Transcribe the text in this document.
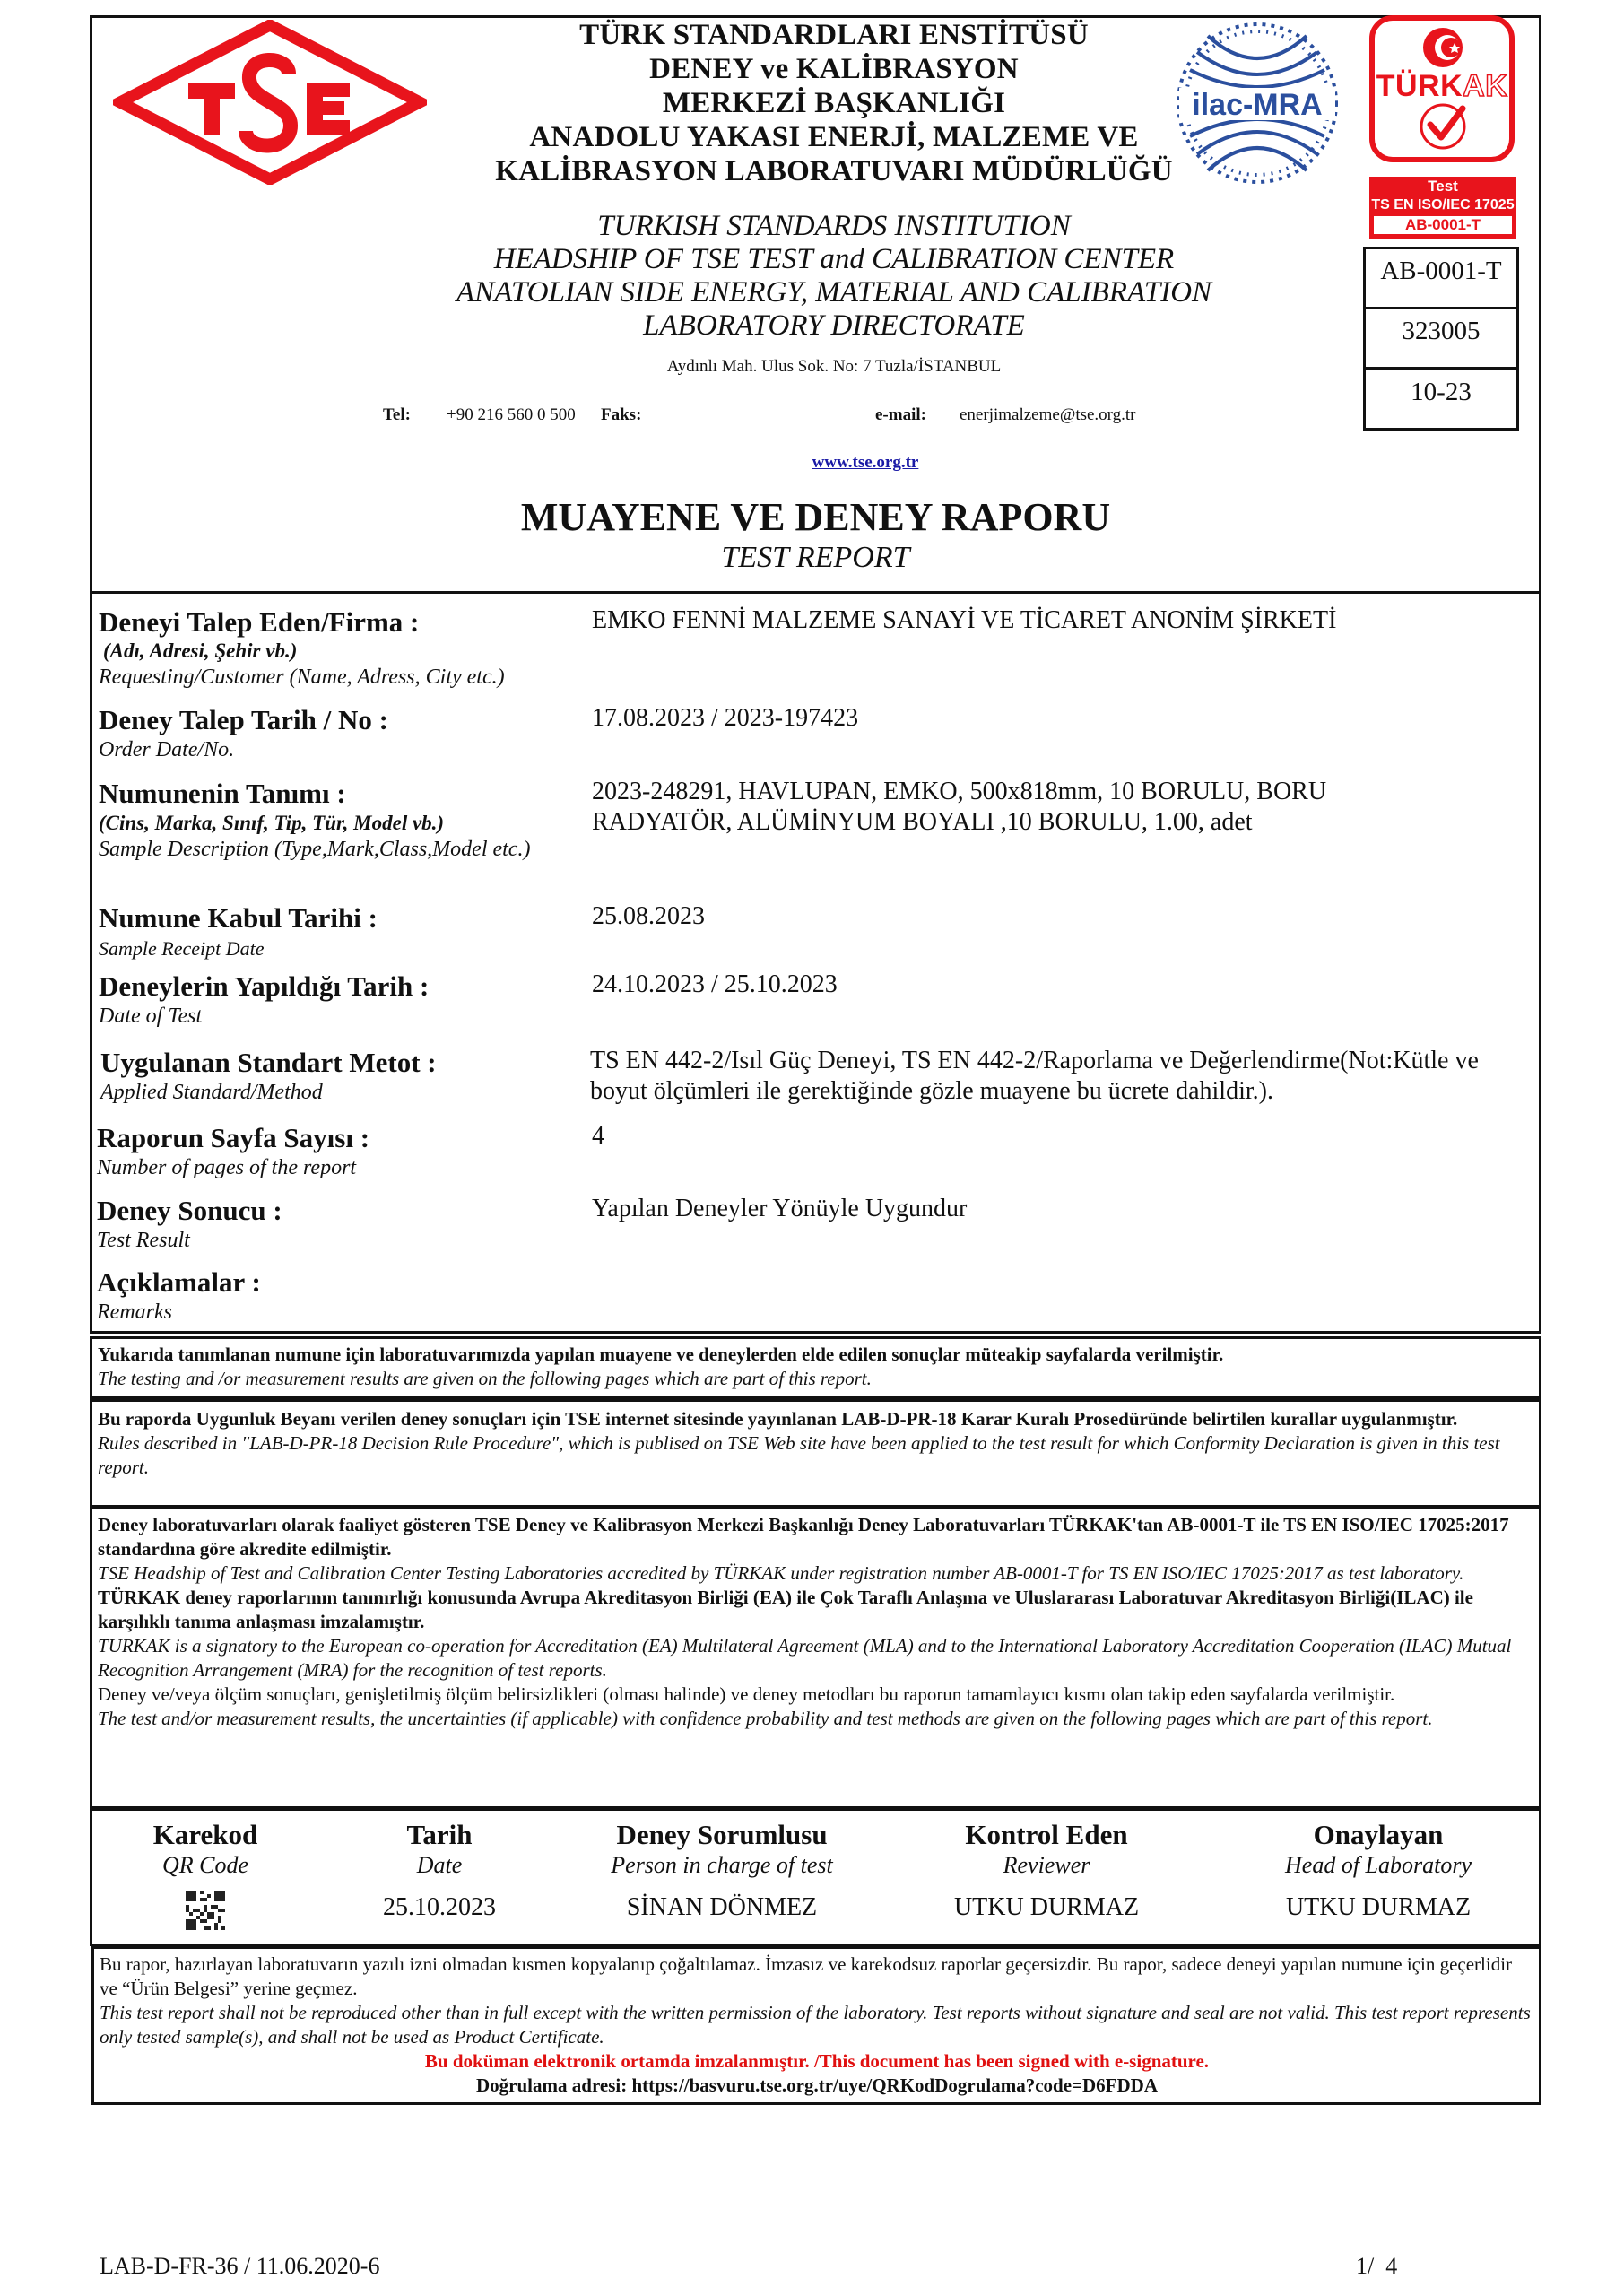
TÜRK STANDARDLARI ENSTİTÜSÜ
DENEY ve KALİBRASYON
MERKEZİ BAŞKANLIĞI
ANADOLU YAKASI ENERJİ, MALZEME VE
KALİBRASYON LABORATUVARI MÜDÜRLÜĞÜ
TURKISH STANDARDS INSTITUTION
HEADSHIP OF TSE TEST and CALIBRATION CENTER
ANATOLIAN SIDE ENERGY, MATERIAL AND CALIBRATION
LABORATORY DIRECTORATE
Aydınlı Mah. Ulus Sok. No: 7 Tuzla/İSTANBUL
Tel: +90 216 560 0 500 Faks:	e-mail: enerjimalzeme@tse.org.tr
www.tse.org.tr
ilac-MRA
TÜRKAK
Test
TS EN ISO/IEC 17025
AB-0001-T
AB-0001-T
323005
10-23
MUAYENE VE DENEY RAPORU
TEST REPORT
Deneyi Talep Eden/Firma :
(Adı, Adresi, Şehir vb.)
Requesting/Customer (Name, Adress, City etc.)
EMKO FENNİ MALZEME SANAYİ VE TİCARET ANONİM ŞİRKETİ
Deney Talep Tarih / No :
Order Date/No.
17.08.2023 / 2023-197423
Numunenin Tanımı :
(Cins, Marka, Sınıf, Tip, Tür, Model vb.)
Sample Description (Type,Mark,Class,Model etc.)
2023-248291, HAVLUPAN, EMKO, 500x818mm, 10 BORULU, BORU RADYATÖR, ALÜMİNYUM BOYALI ,10 BORULU, 1.00, adet
Numune Kabul Tarihi :
Sample Receipt Date
25.08.2023
Deneylerin Yapıldığı Tarih :
Date of Test
24.10.2023 / 25.10.2023
Uygulanan Standart Metot :
Applied Standard/Method
TS EN 442-2/Isıl Güç Deneyi, TS EN 442-2/Raporlama ve Değerlendirme(Not:Kütle ve boyut ölçümleri ile gerektiğinde gözle muayene bu ücrete dahildir.).
Raporun Sayfa Sayısı :
Number of pages of the report
4
Deney Sonucu :
Test Result
Yapılan Deneyler Yönüyle Uygundur
Açıklamalar :
Remarks
Yukarıda tanımlanan numune için laboratuvarımızda yapılan muayene ve deneylerden elde edilen sonuçlar müteakip sayfalarda verilmiştir.
The testing and /or measurement results are given on the following pages which are part of this report.
Bu raporda Uygunluk Beyanı verilen deney sonuçları için TSE internet sitesinde yayınlanan LAB-D-PR-18 Karar Kuralı Prosedüründe belirtilen kurallar uygulanmıştır.
Rules described in "LAB-D-PR-18 Decision Rule Procedure", which is publised on TSE Web site have been applied to the test result for which Conformity Declaration is given in this test report.
Deney laboratuvarları olarak faaliyet gösteren TSE Deney ve Kalibrasyon Merkezi Başkanlığı Deney Laboratuvarları TÜRKAK'tan AB-0001-T ile TS EN ISO/IEC 17025:2017 standardına göre akredite edilmiştir.
TSE Headship of Test and Calibration Center Testing Laboratories accredited by TÜRKAK under registration number AB-0001-T for TS EN ISO/IEC 17025:2017 as test laboratory.
TÜRKAK deney raporlarının tanınırlığı konusunda Avrupa Akreditasyon Birliği (EA) ile Çok Taraflı Anlaşma ve Uluslararası Laboratuvar Akreditasyon Birliği(ILAC) ile karşılıklı tanıma anlaşması imzalamıştır.
TURKAK is a signatory to the European co-operation for Accreditation (EA) Multilateral Agreement (MLA) and to the International Laboratory Accreditation Cooperation (ILAC) Mutual Recognition Arrangement (MRA) for the recognition of test reports.
Deney ve/veya ölçüm sonuçları, genişletilmiş ölçüm belirsizlikleri (olması halinde) ve deney metodları bu raporun tamamlayıcı kısmı olan takip eden sayfalarda verilmiştir.
The test and/or measurement results, the uncertainties (if applicable) with confidence probability and test methods are given on the following pages which are part of this report.
Karekod
QR Code
Tarih
Date
25.10.2023
Deney Sorumlusu
Person in charge of test
SİNAN DÖNMEZ
Kontrol Eden
Reviewer
UTKU DURMAZ
Onaylayan
Head of Laboratory
UTKU DURMAZ
Bu rapor, hazırlayan laboratuvarın yazılı izni olmadan kısmen kopyalanıp çoğaltılamaz. İmzasız ve karekodsuz raporlar geçersizdir. Bu rapor, sadece deneyi yapılan numune için geçerlidir ve “Ürün Belgesi” yerine geçmez.
This test report shall not be reproduced other than in full except with the written permission of the laboratory. Test reports without signature and seal are not valid. This test report represents only tested sample(s), and shall not be used as Product Certificate.
Bu doküman elektronik ortamda imzalanmıştır. /This document has been signed with e-signature.
Doğrulama adresi: https://basvuru.tse.org.tr/uye/QRKodDogrulama?code=D6FDDA
LAB-D-FR-36 / 11.06.2020-6	1/  4
